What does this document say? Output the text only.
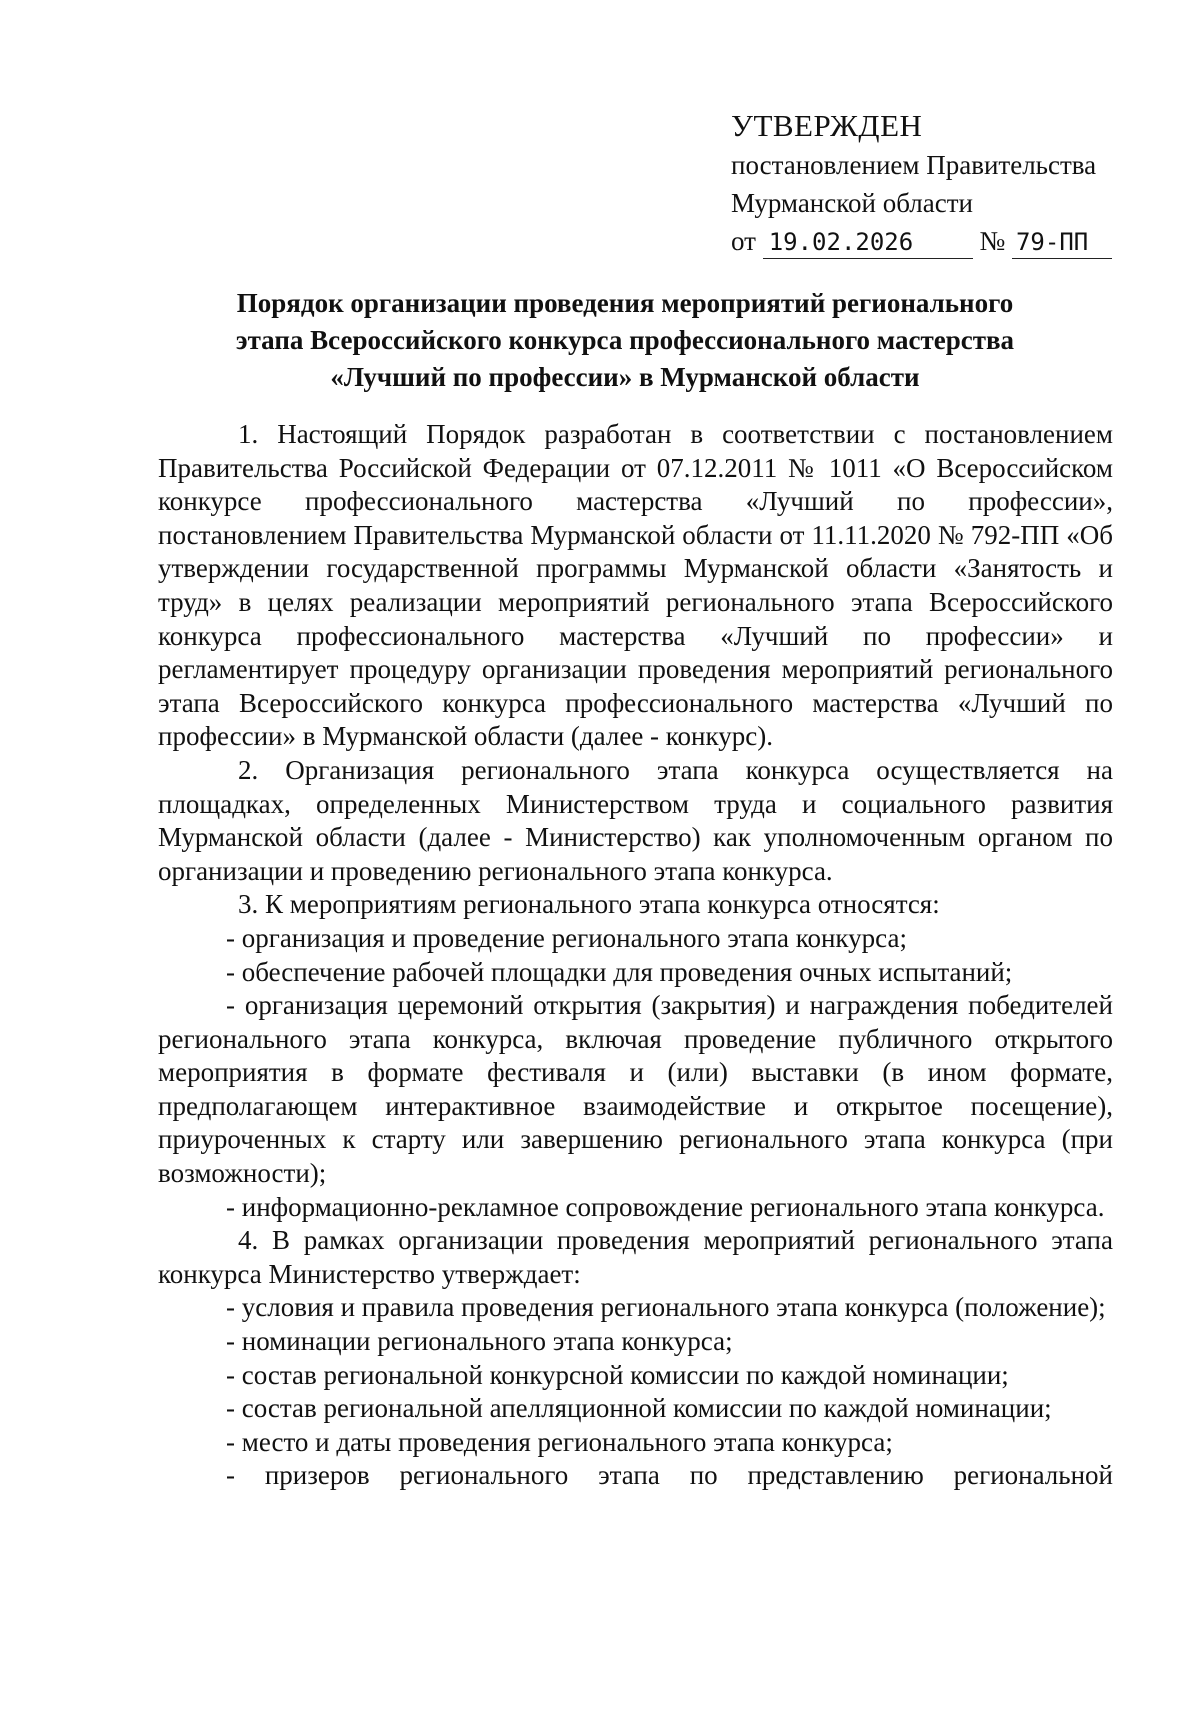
УТВЕРЖДЕН
постановлением Правительства
Мурманской области
от 19.02.2026 № 79-ПП
Порядок организации проведения мероприятий регионального
этапа Всероссийского конкурса профессионального мастерства
«Лучший по профессии» в Мурманской области

1. Настоящий Порядок разработан в соответствии с постановлением Правительства Российской Федерации от 07.12.2011 № 1011 «О Всероссийском конкурсе профессионального мастерства «Лучший по профессии», постановлением Правительства Мурманской области от 11.11.2020 № 792-ПП «Об утверждении государственной программы Мурманской области «Занятость и труд» в целях реализации мероприятий регионального этапа Всероссийского конкурса профессионального мастерства «Лучший по профессии» и регламентирует процедуру организации проведения мероприятий регионального этапа Всероссийского конкурса профессионального мастерства «Лучший по профессии» в Мурманской области (далее - конкурс).

2. Организация регионального этапа конкурса осуществляется на площадках, определенных Министерством труда и социального развития Мурманской области (далее - Министерство) как уполномоченным органом по организации и проведению регионального этапа конкурса.

3. К мероприятиям регионального этапа конкурса относятся:

- организация и проведение регионального этапа конкурса;

- обеспечение рабочей площадки для проведения очных испытаний;

- организация церемоний открытия (закрытия) и награждения победителей регионального этапа конкурса, включая проведение публичного открытого мероприятия в формате фестиваля и (или) выставки (в ином формате, предполагающем интерактивное взаимодействие и открытое посещение), приуроченных к старту или завершению регионального этапа конкурса (при возможности);

- информационно-рекламное сопровождение регионального этапа конкурса.

4. В рамках организации проведения мероприятий регионального этапа конкурса Министерство утверждает:

- условия и правила проведения регионального этапа конкурса (положение);

- номинации регионального этапа конкурса;

- состав региональной конкурсной комиссии по каждой номинации;

- состав региональной апелляционной комиссии по каждой номинации;

- место и даты проведения регионального этапа конкурса;

- призеров регионального этапа по представлению региональной
